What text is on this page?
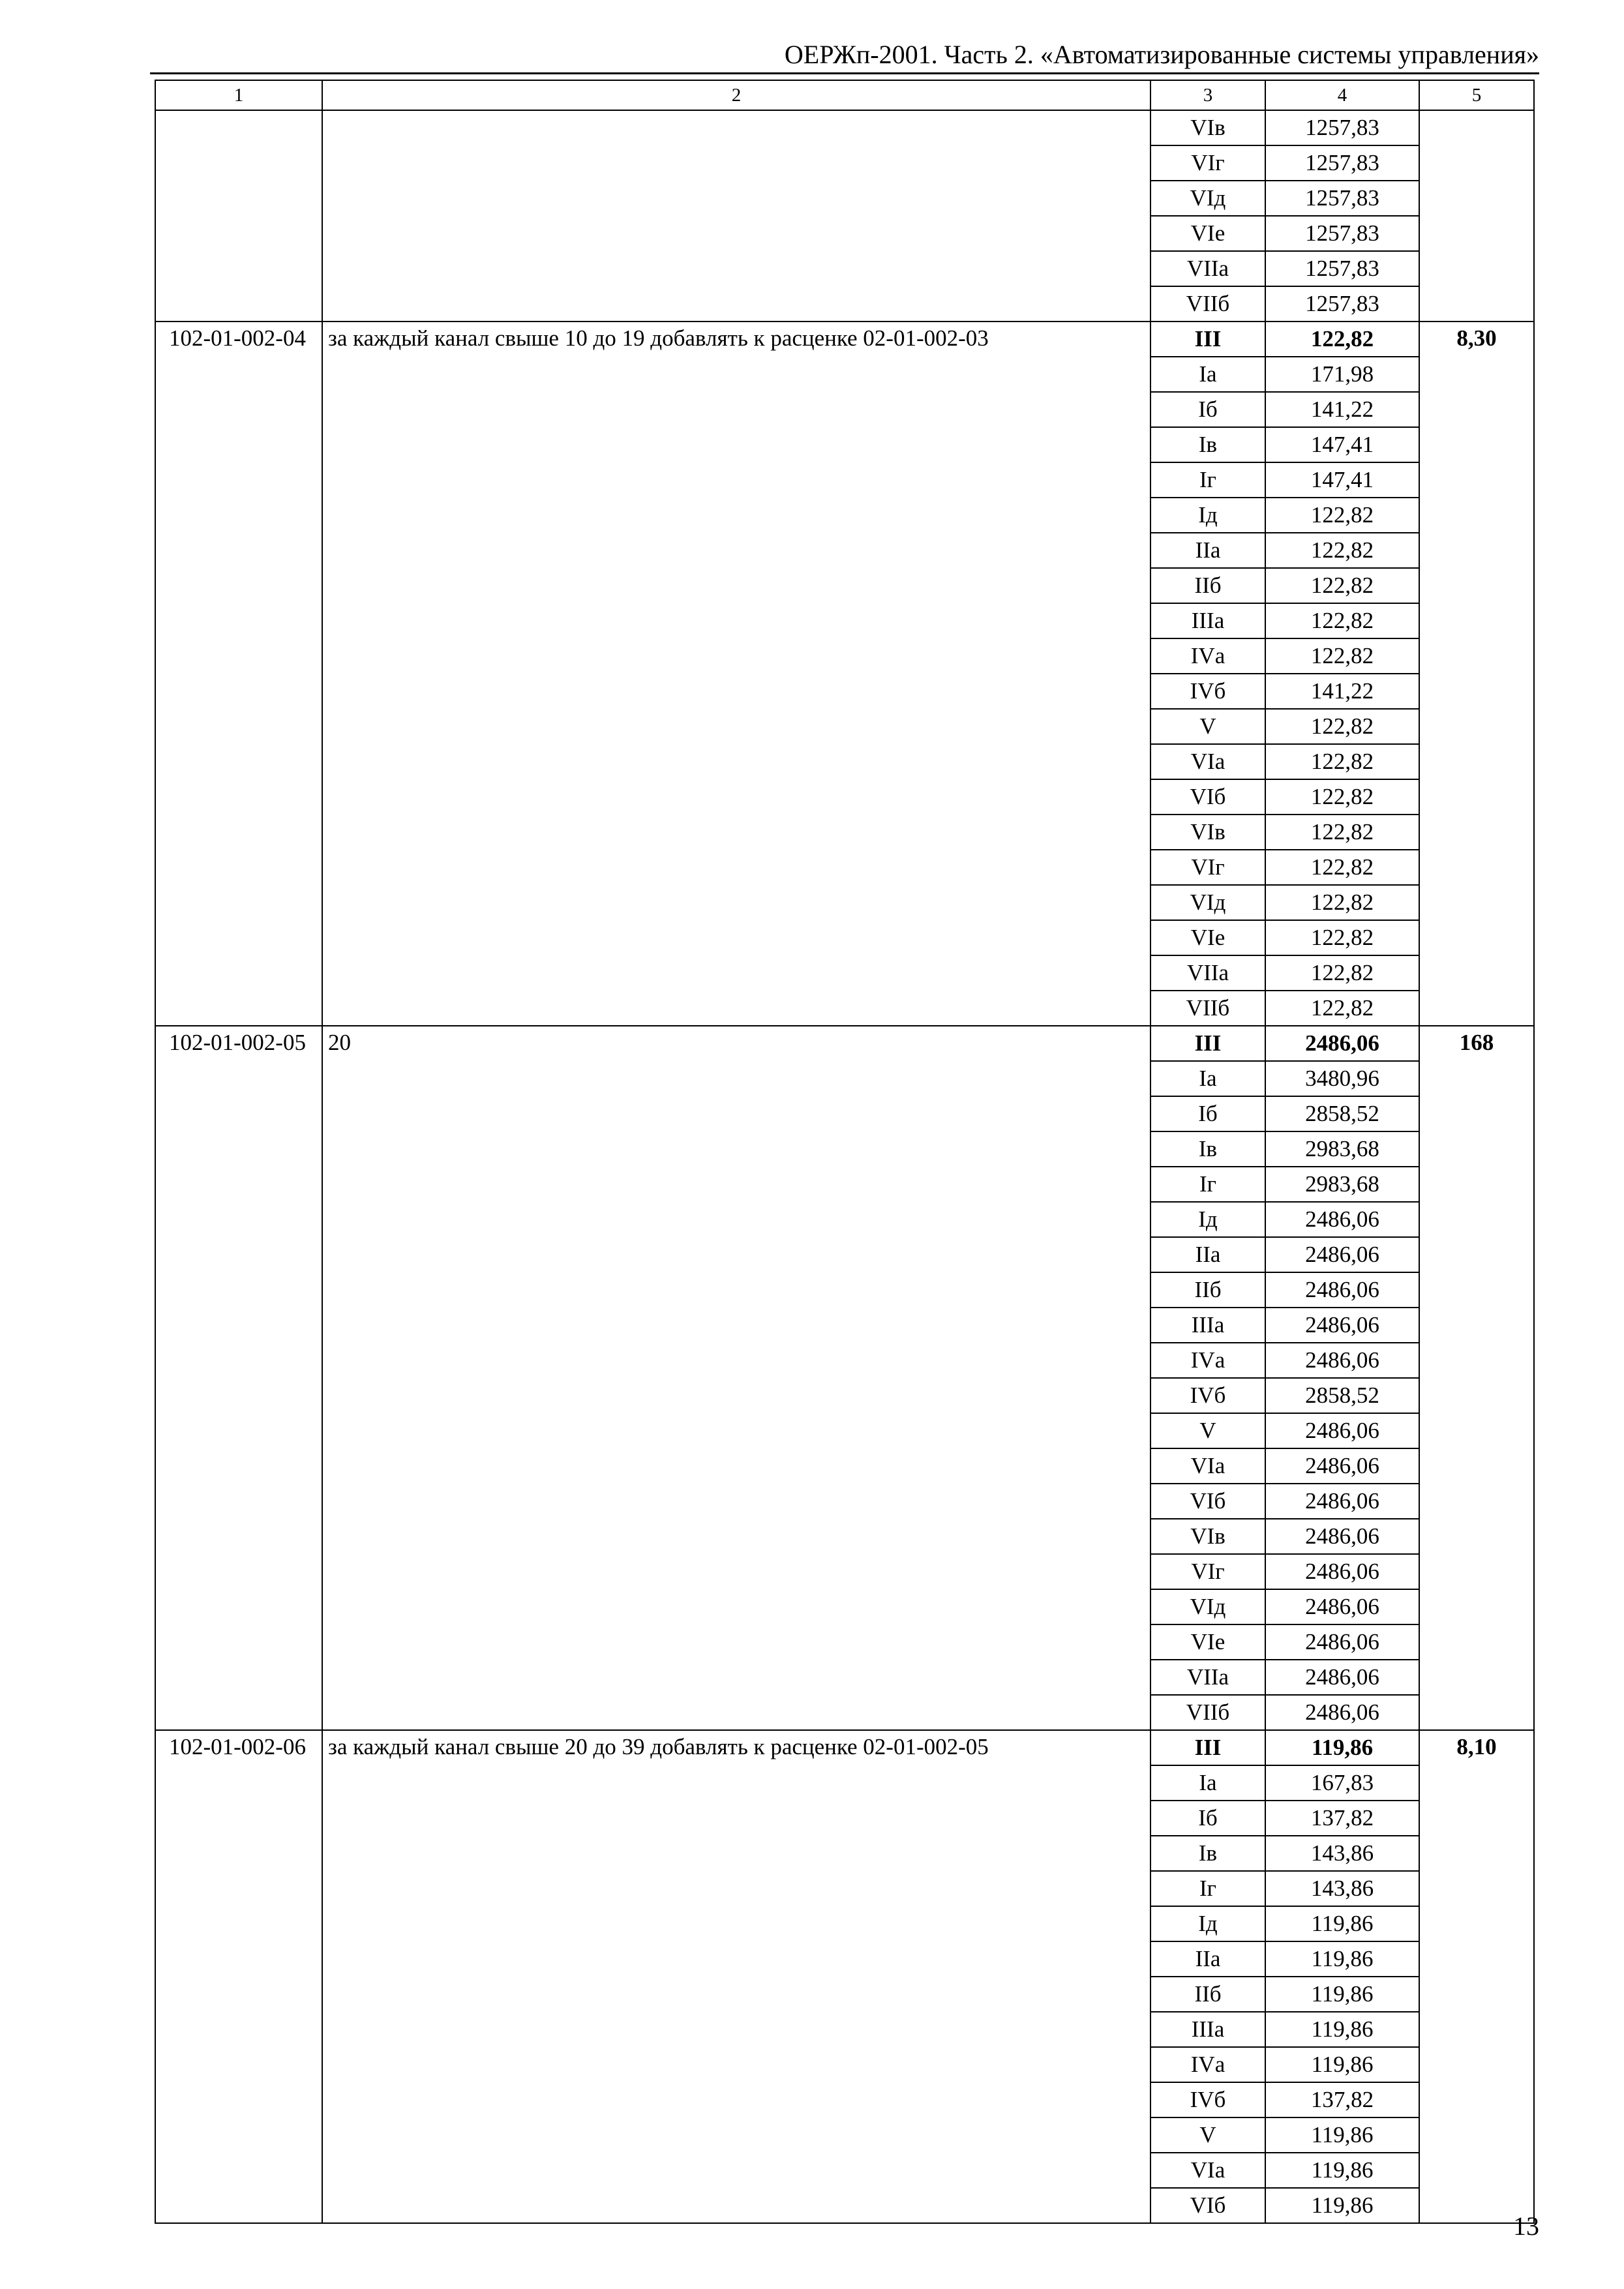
ОЕРЖп-2001. Часть 2. «Автоматизированные системы управления»
1	2	3	4	5
		VIв	1257,83	
		VIг	1257,83	
		VIд	1257,83	
		VIе	1257,83	
		VIIа	1257,83	
		VIIб	1257,83	
102-01-002-04	за каждый канал свыше 10 до 19 добавлять к расценке 02-01-002-03	III	122,82	8,30
		Iа	171,98	
		Iб	141,22	
		Iв	147,41	
		Iг	147,41	
		Iд	122,82	
		IIа	122,82	
		IIб	122,82	
		IIIа	122,82	
		IVа	122,82	
		IVб	141,22	
		V	122,82	
		VIа	122,82	
		VIб	122,82	
		VIв	122,82	
		VIг	122,82	
		VIд	122,82	
		VIе	122,82	
		VIIа	122,82	
		VIIб	122,82	
102-01-002-05	20	III	2486,06	168
		Iа	3480,96	
		Iб	2858,52	
		Iв	2983,68	
		Iг	2983,68	
		Iд	2486,06	
		IIа	2486,06	
		IIб	2486,06	
		IIIа	2486,06	
		IVа	2486,06	
		IVб	2858,52	
		V	2486,06	
		VIа	2486,06	
		VIб	2486,06	
		VIв	2486,06	
		VIг	2486,06	
		VIд	2486,06	
		VIе	2486,06	
		VIIа	2486,06	
		VIIб	2486,06	
102-01-002-06	за каждый канал свыше 20 до 39 добавлять к расценке 02-01-002-05	III	119,86	8,10
		Iа	167,83	
		Iб	137,82	
		Iв	143,86	
		Iг	143,86	
		Iд	119,86	
		IIа	119,86	
		IIб	119,86	
		IIIа	119,86	
		IVа	119,86	
		IVб	137,82	
		V	119,86	
		VIа	119,86	
		VIб	119,86	
13
